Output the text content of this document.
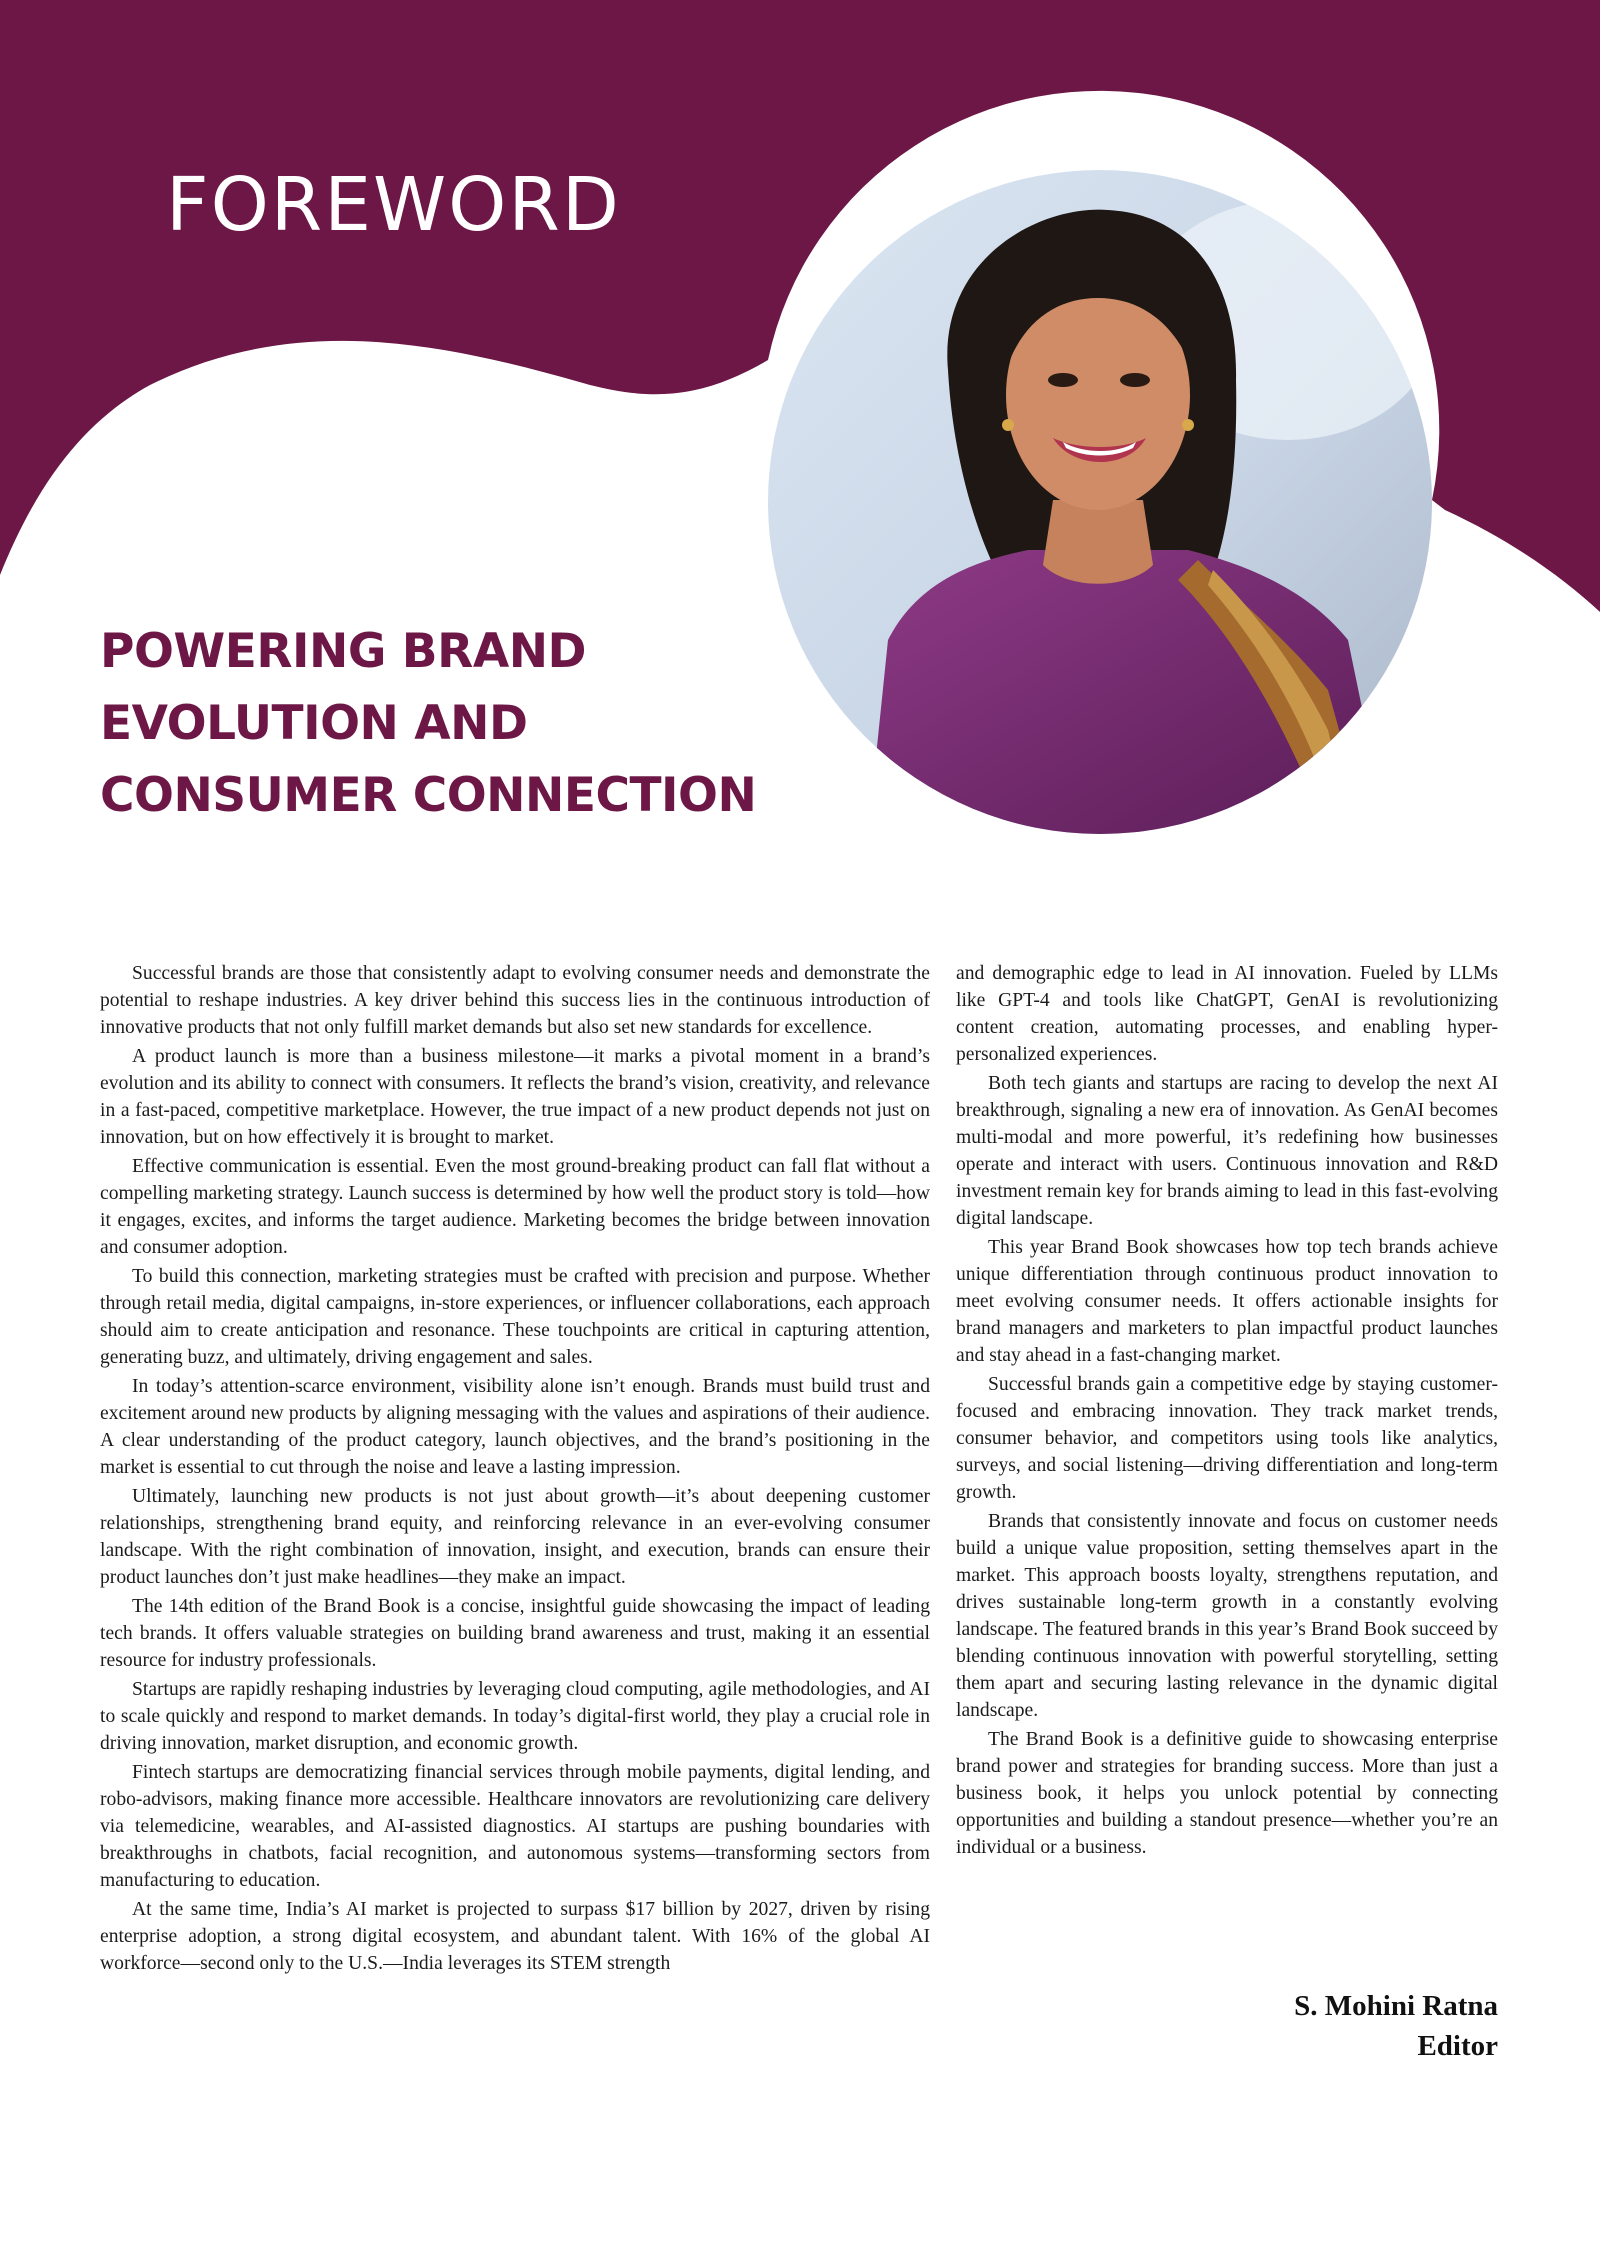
FOREWORD
POWERING BRAND
EVOLUTION AND
CONSUMER CONNECTION

Successful brands are those that consistently adapt to evolving consumer needs and demonstrate the potential to reshape industries. A key driver behind this success lies in the continuous introduction of innovative products that not only fulfill market demands but also set new standards for excellence.

A product launch is more than a business milestone—it marks a pivotal moment in a brand’s evolution and its ability to connect with consumers. It reflects the brand’s vision, creativity, and relevance in a fast-paced, competitive marketplace. However, the true impact of a new product depends not just on innovation, but on how effectively it is brought to market.

Effective communication is essential. Even the most ground-breaking product can fall flat without a compelling marketing strategy. Launch success is determined by how well the product story is told—how it engages, excites, and informs the target audience. Marketing becomes the bridge between innovation and consumer adoption.

To build this connection, marketing strategies must be crafted with precision and purpose. Whether through retail media, digital campaigns, in-store experiences, or influencer collaborations, each approach should aim to create anticipation and resonance. These touchpoints are critical in capturing attention, generating buzz, and ultimately, driving engagement and sales.

In today’s attention-scarce environment, visibility alone isn’t enough. Brands must build trust and excitement around new products by aligning messaging with the values and aspirations of their audience. A clear understanding of the product category, launch objectives, and the brand’s positioning in the market is essential to cut through the noise and leave a lasting impression.

Ultimately, launching new products is not just about growth—it’s about deepening customer relationships, strengthening brand equity, and reinforcing relevance in an ever-evolving consumer landscape. With the right combination of innovation, insight, and execution, brands can ensure their product launches don’t just make headlines—they make an impact.

The 14th edition of the Brand Book is a concise, insightful guide showcasing the impact of leading tech brands. It offers valuable strategies on building brand awareness and trust, making it an essential resource for industry professionals.

Startups are rapidly reshaping industries by leveraging cloud computing, agile methodologies, and AI to scale quickly and respond to market demands. In today’s digital-first world, they play a crucial role in driving innovation, market disruption, and economic growth.

Fintech startups are democratizing financial services through mobile payments, digital lending, and robo-advisors, making finance more accessible. Healthcare innovators are revolutionizing care delivery via telemedicine, wearables, and AI-assisted diagnostics. AI startups are pushing boundaries with breakthroughs in chatbots, facial recognition, and autonomous systems—transforming sectors from manufacturing to education.

At the same time, India’s AI market is projected to surpass $17 billion by 2027, driven by rising enterprise adoption, a strong digital ecosystem, and abundant talent. With 16% of the global AI workforce—second only to the U.S.—India leverages its STEM strength

and demographic edge to lead in AI innovation. Fueled by LLMs like GPT-4 and tools like ChatGPT, GenAI is revolutionizing content creation, automating processes, and enabling hyper-personalized experiences.

Both tech giants and startups are racing to develop the next AI breakthrough, signaling a new era of innovation. As GenAI becomes multi-modal and more powerful, it’s redefining how businesses operate and interact with users. Continuous innovation and R&D investment remain key for brands aiming to lead in this fast-evolving digital landscape.

This year Brand Book showcases how top tech brands achieve unique differentiation through continuous product innovation to meet evolving consumer needs. It offers actionable insights for brand managers and marketers to plan impactful product launches and stay ahead in a fast-changing market.

Successful brands gain a competitive edge by staying customer-focused and embracing innovation. They track market trends, consumer behavior, and competitors using tools like analytics, surveys, and social listening—driving differentiation and long-term growth.

Brands that consistently innovate and focus on customer needs build a unique value proposition, setting themselves apart in the market. This approach boosts loyalty, strengthens reputation, and drives sustainable long-term growth in a constantly evolving landscape. The featured brands in this year’s Brand Book succeed by blending continuous innovation with powerful storytelling, setting them apart and securing lasting relevance in the dynamic digital landscape.

The Brand Book is a definitive guide to showcasing enterprise brand power and strategies for branding success. More than just a business book, it helps you unlock potential by connecting opportunities and building a standout presence—whether you’re an individual or a business.

S. Mohini Ratna
Editor
